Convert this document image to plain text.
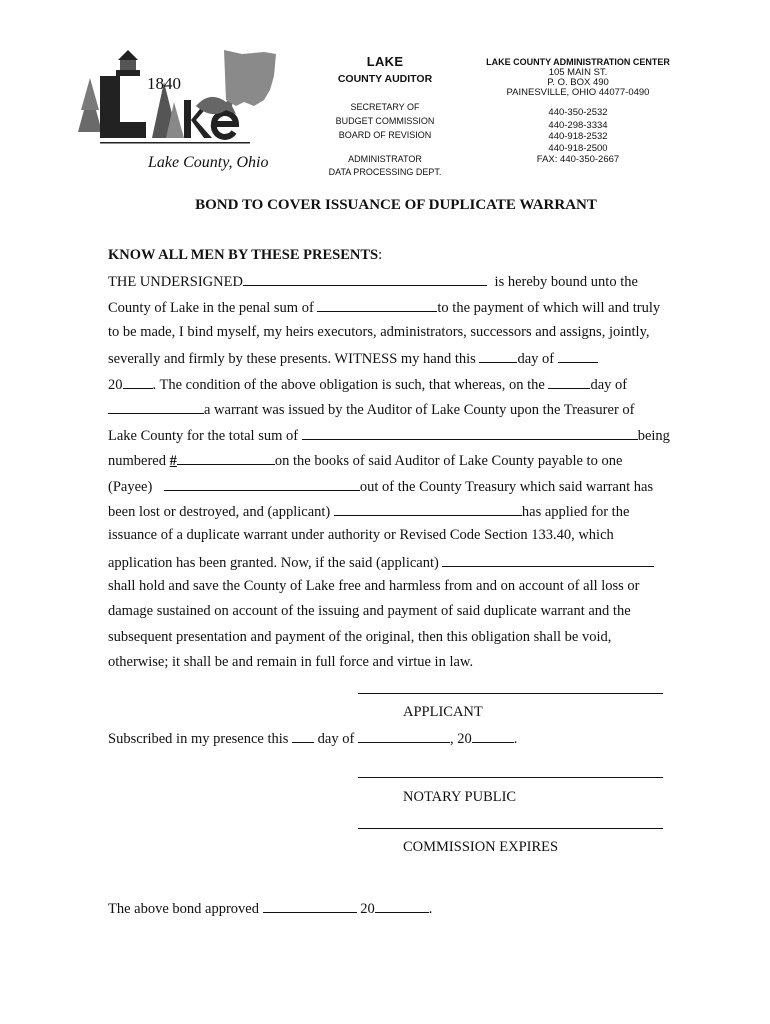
1840
Lake County, Ohio
LAKE
COUNTY AUDITOR
SECRETARY OF
BUDGET COMMISSION
BOARD OF REVISION
ADMINISTRATOR
DATA PROCESSING DEPT.
LAKE COUNTY ADMINISTRATION CENTER
105 MAIN ST.
P. O. BOX 490
PAINESVILLE, OHIO 44077-0490
440-350-2532
440-298-3334
440-918-2532
440-918-2500
FAX: 440-350-2667
BOND TO COVER ISSUANCE OF DUPLICATE WARRANT
KNOW ALL MEN BY THESE PRESENTS:
THE UNDERSIGNED	is hereby bound unto the
County of Lake in the penal sum of	to the payment of which will and truly
to be made, I bind myself, my heirs executors, administrators, successors and assigns, jointly,
severally and firmly by these presents. WITNESS my hand this	day of
20 . The condition of the above obligation is such, that whereas, on the	day of
a warrant was issued by the Auditor of Lake County upon the Treasurer of
Lake County for the total sum of	being
numbered #	on the books of said Auditor of Lake County payable to one
(Payee)	out of the County Treasury which said warrant has
been lost or destroyed, and (applicant)	has applied for the
issuance of a duplicate warrant under authority or Revised Code Section 133.40, which
application has been granted. Now, if the said (applicant)
shall hold and save the County of Lake free and harmless from and on account of all loss or
damage sustained on account of the issuing and payment of said duplicate warrant and the
subsequent presentation and payment of the original, then this obligation shall be void,
otherwise; it shall be and remain in full force and virtue in law.
APPLICANT
Subscribed in my presence this day of	, 20	.
NOTARY PUBLIC
COMMISSION EXPIRES
The above bond approved	20	.
